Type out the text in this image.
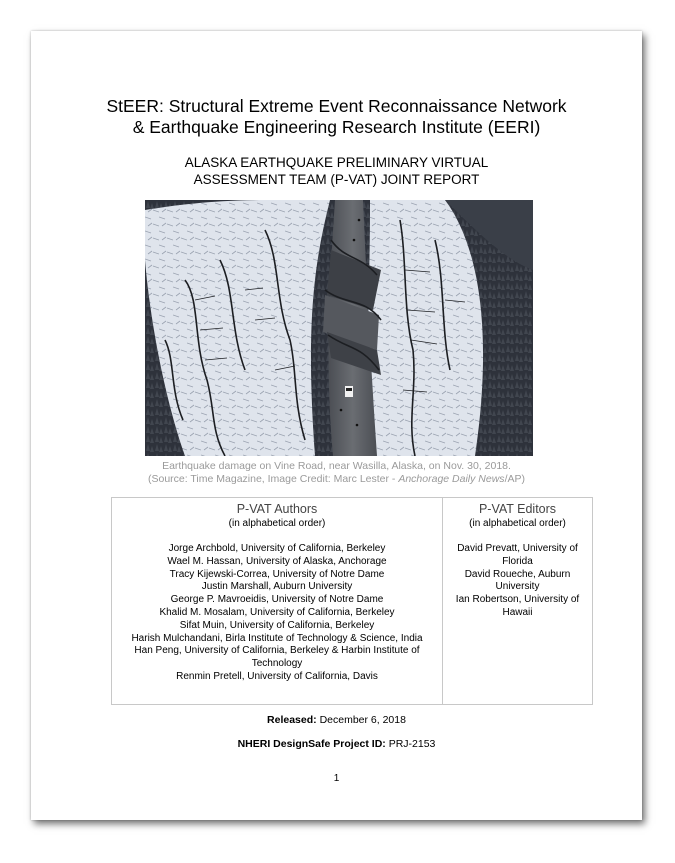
StEER: Structural Extreme Event Reconnaissance Network
& Earthquake Engineering Research Institute (EERI)
ALASKA EARTHQUAKE PRELIMINARY VIRTUAL
ASSESSMENT TEAM (P-VAT) JOINT REPORT
Earthquake damage on Vine Road, near Wasilla, Alaska, on Nov. 30, 2018.
(Source: Time Magazine, Image Credit: Marc Lester - Anchorage Daily News/AP)
P-VAT Authors
(in alphabetical order)
Jorge Archbold, University of California, Berkeley
Wael M. Hassan, University of Alaska, Anchorage
Tracy Kijewski-Correa, University of Notre Dame
Justin Marshall, Auburn University
George P. Mavroeidis, University of Notre Dame
Khalid M. Mosalam, University of California, Berkeley
Sifat Muin, University of California, Berkeley
Harish Mulchandani, Birla Institute of Technology & Science, India
Han Peng, University of California, Berkeley & Harbin Institute of Technology
Renmin Pretell, University of California, Davis

P-VAT Editors
(in alphabetical order)
David Prevatt, University of Florida
David Roueche, Auburn University
Ian Robertson, University of Hawaii
Released: December 6, 2018
NHERI DesignSafe Project ID: PRJ-2153
1
